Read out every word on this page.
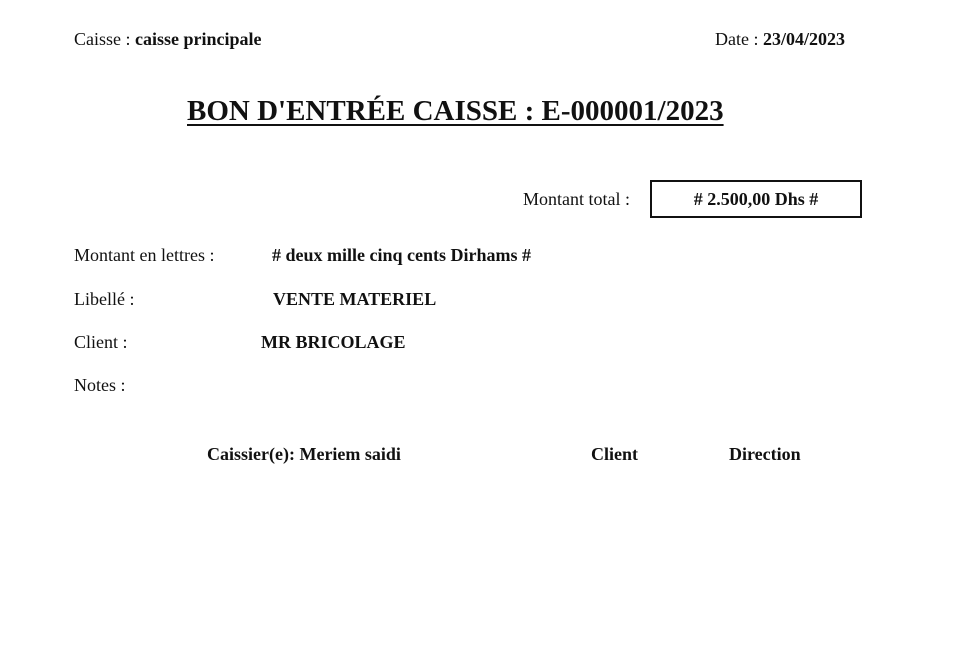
Caisse : caisse principale	Date : 23/04/2023
BON D'ENTRÉE CAISSE : E-000001/2023
Montant total :	# 2.500,00 Dhs #
Montant en lettres :	# deux mille cinq cents Dirhams #
Libellé :	VENTE MATERIEL
Client :	MR BRICOLAGE
Notes :
Caissier(e): Meriem saidi	Client	Direction
